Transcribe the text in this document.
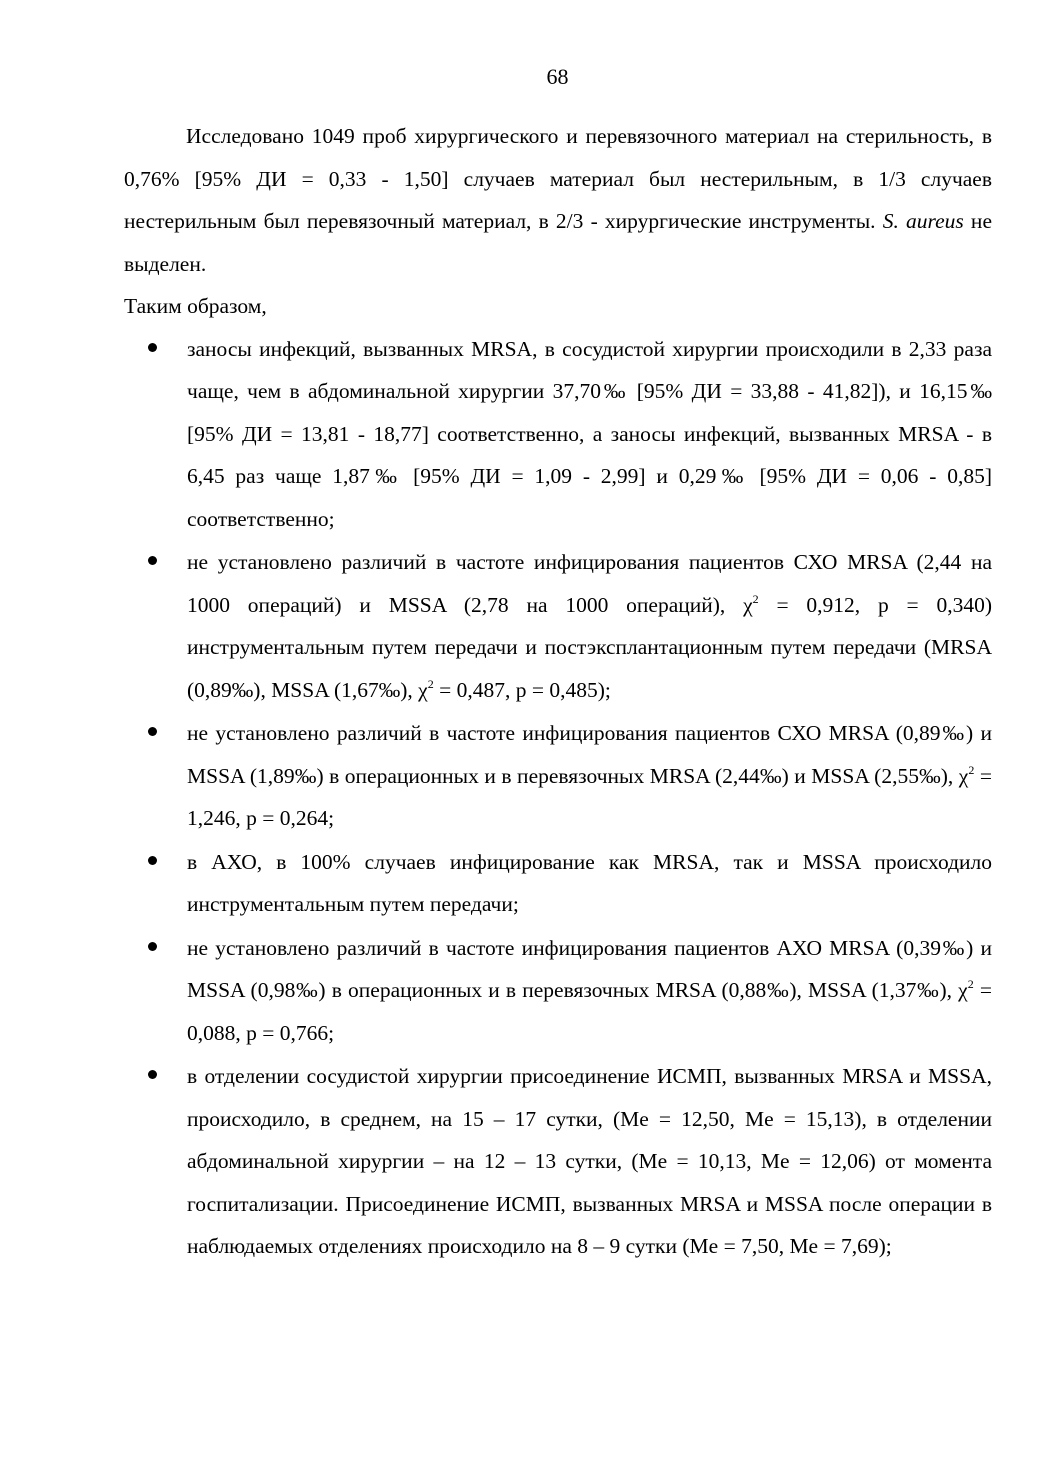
68

Исследовано 1049 проб хирургического и перевязочного материал на стерильность, в 0,76% [95% ДИ = 0,33 - 1,50] случаев материал был нестерильным, в 1/3 случаев нестерильным был перевязочный материал, в 2/3 - хирургические инструменты. S. aureus не выделен.

Таким образом,

заносы инфекций, вызванных MRSA, в сосудистой хирургии происходили в 2,33 раза чаще, чем в абдоминальной хирургии 37,70‰ [95% ДИ = 33,88 - 41,82]), и 16,15‰ [95% ДИ = 13,81 - 18,77] соответственно, а заносы инфекций, вызванных MRSA - в 6,45 раз чаще 1,87‰ [95% ДИ = 1,09 - 2,99] и 0,29‰ [95% ДИ = 0,06 - 0,85] соответственно;
не установлено различий в частоте инфицирования пациентов СХО MRSA (2,44 на 1000 операций) и MSSA (2,78 на 1000 операций), $\chi^2 = 0,912$, р = 0,340) инструментальным путем передачи и постэксплантационным путем передачи (MRSA (0,89‰), MSSA (1,67‰), $\chi^2 = 0,487$, р = 0,485);
не установлено различий в частоте инфицирования пациентов СХО MRSA (0,89‰) и MSSA (1,89‰) в операционных и в перевязочных MRSA (2,44‰) и MSSA (2,55‰), $\chi^2 = 1,246$, р = 0,264;
в АХО, в 100% случаев инфицирование как MRSA, так и MSSA происходило инструментальным путем передачи;
не установлено различий в частоте инфицирования пациентов АХО MRSA (0,39‰) и MSSA (0,98‰) в операционных и в перевязочных MRSA (0,88‰), MSSA (1,37‰), $\chi^2 = 0,088$, р = 0,766;
в отделении сосудистой хирургии присоединение ИСМП, вызванных MRSA и MSSA, происходило, в среднем, на 15 – 17 сутки, (Me = 12,50, Me = 15,13), в отделении абдоминальной хирургии – на 12 – 13 сутки, (Me = 10,13, Me = 12,06) от момента госпитализации. Присоединение ИСМП, вызванных MRSA и MSSA после операции в наблюдаемых отделениях происходило на 8 – 9 сутки (Me = 7,50, Me = 7,69);
